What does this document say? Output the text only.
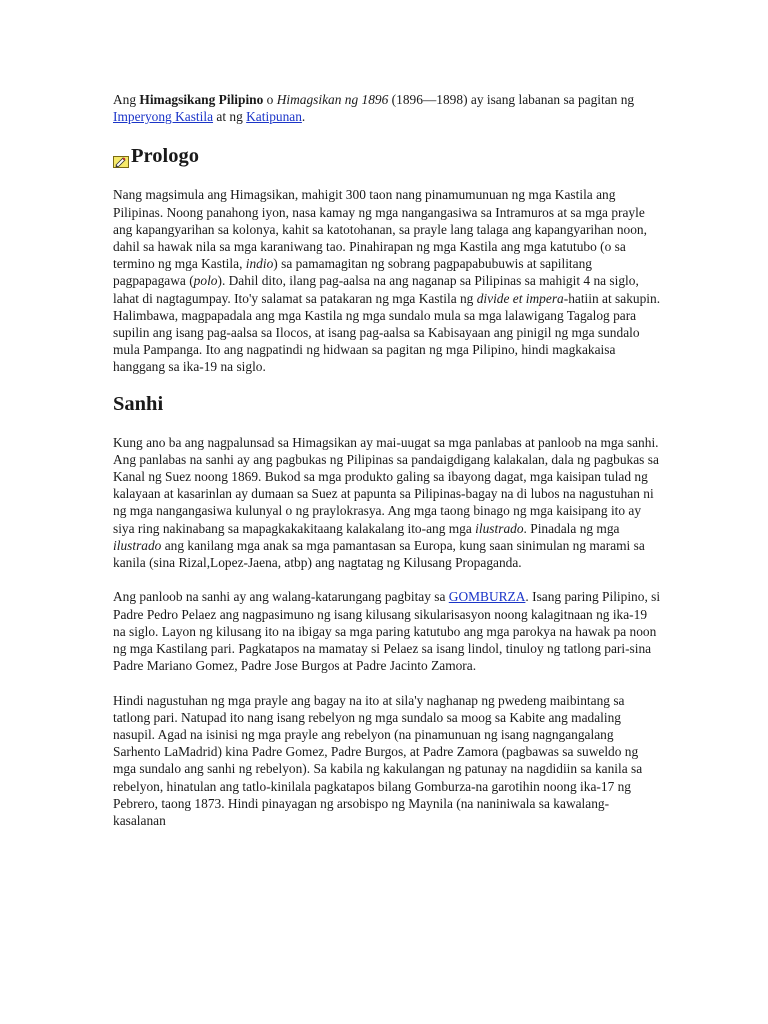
Ang Himagsikang Pilipino o Himagsikan ng 1896 (1896—1898) ay isang labanan sa pagitan ng Imperyong Kastila at ng Katipunan.

Prologo

Nang magsimula ang Himagsikan, mahigit 300 taon nang pinamumunuan ng mga Kastila ang Pilipinas. Noong panahong iyon, nasa kamay ng mga nangangasiwa sa Intramuros at sa mga prayle ang kapangyarihan sa kolonya, kahit sa katotohanan, sa prayle lang talaga ang kapangyarihan noon, dahil sa hawak nila sa mga karaniwang tao. Pinahirapan ng mga Kastila ang mga katutubo (o sa termino ng mga Kastila, indio) sa pamamagitan ng sobrang pagpapabubuwis at sapilitang pagpapagawa (polo). Dahil dito, ilang pag-aalsa na ang naganap sa Pilipinas sa mahigit 4 na siglo, lahat di nagtagumpay. Ito'y salamat sa patakaran ng mga Kastila ng divide et impera-hatiin at sakupin. Halimbawa, magpapadala ang mga Kastila ng mga sundalo mula sa mga lalawigang Tagalog para supilin ang isang pag-aalsa sa Ilocos, at isang pag-aalsa sa Kabisayaan ang pinigil ng mga sundalo mula Pampanga. Ito ang nagpatindi ng hidwaan sa pagitan ng mga Pilipino, hindi magkakaisa hanggang sa ika-19 na siglo.

Sanhi

Kung ano ba ang nagpalunsad sa Himagsikan ay mai-uugat sa mga panlabas at panloob na mga sanhi. Ang panlabas na sanhi ay ang pagbukas ng Pilipinas sa pandaigdigang kalakalan, dala ng pagbukas sa Kanal ng Suez noong 1869. Bukod sa mga produkto galing sa ibayong dagat, mga kaisipan tulad ng kalayaan at kasarinlan ay dumaan sa Suez at papunta sa Pilipinas-bagay na di lubos na nagustuhan ni ng mga nangangasiwa kulunyal o ng praylokrasya. Ang mga taong binago ng mga kaisipang ito ay siya ring nakinabang sa mapagkakakitaang kalakalang ito-ang mga ilustrado. Pinadala ng mga ilustrado ang kanilang mga anak sa mga pamantasan sa Europa, kung saan sinimulan ng marami sa kanila (sina Rizal,Lopez-Jaena, atbp) ang nagtatag ng Kilusang Propaganda.

Ang panloob na sanhi ay ang walang-katarungang pagbitay sa GOMBURZA. Isang paring Pilipino, si Padre Pedro Pelaez ang nagpasimuno ng isang kilusang sikularisasyon noong kalagitnaan ng ika-19 na siglo. Layon ng kilusang ito na ibigay sa mga paring katutubo ang mga parokya na hawak pa noon ng mga Kastilang pari. Pagkatapos na mamatay si Pelaez sa isang lindol, tinuloy ng tatlong pari-sina Padre Mariano Gomez, Padre Jose Burgos at Padre Jacinto Zamora.

Hindi nagustuhan ng mga prayle ang bagay na ito at sila'y naghanap ng pwedeng maibintang sa tatlong pari. Natupad ito nang isang rebelyon ng mga sundalo sa moog sa Kabite ang madaling nasupil. Agad na isinisi ng mga prayle ang rebelyon (na pinamunuan ng isang nagngangalang Sarhento LaMadrid) kina Padre Gomez, Padre Burgos, at Padre Zamora (pagbawas sa suweldo ng mga sundalo ang sanhi ng rebelyon). Sa kabila ng kakulangan ng patunay na nagdidiin sa kanila sa rebelyon, hinatulan ang tatlo-kinilala pagkatapos bilang Gomburza-na garotihin noong ika-17 ng Pebrero, taong 1873. Hindi pinayagan ng arsobispo ng Maynila (na naniniwala sa kawalang-kasalanan
